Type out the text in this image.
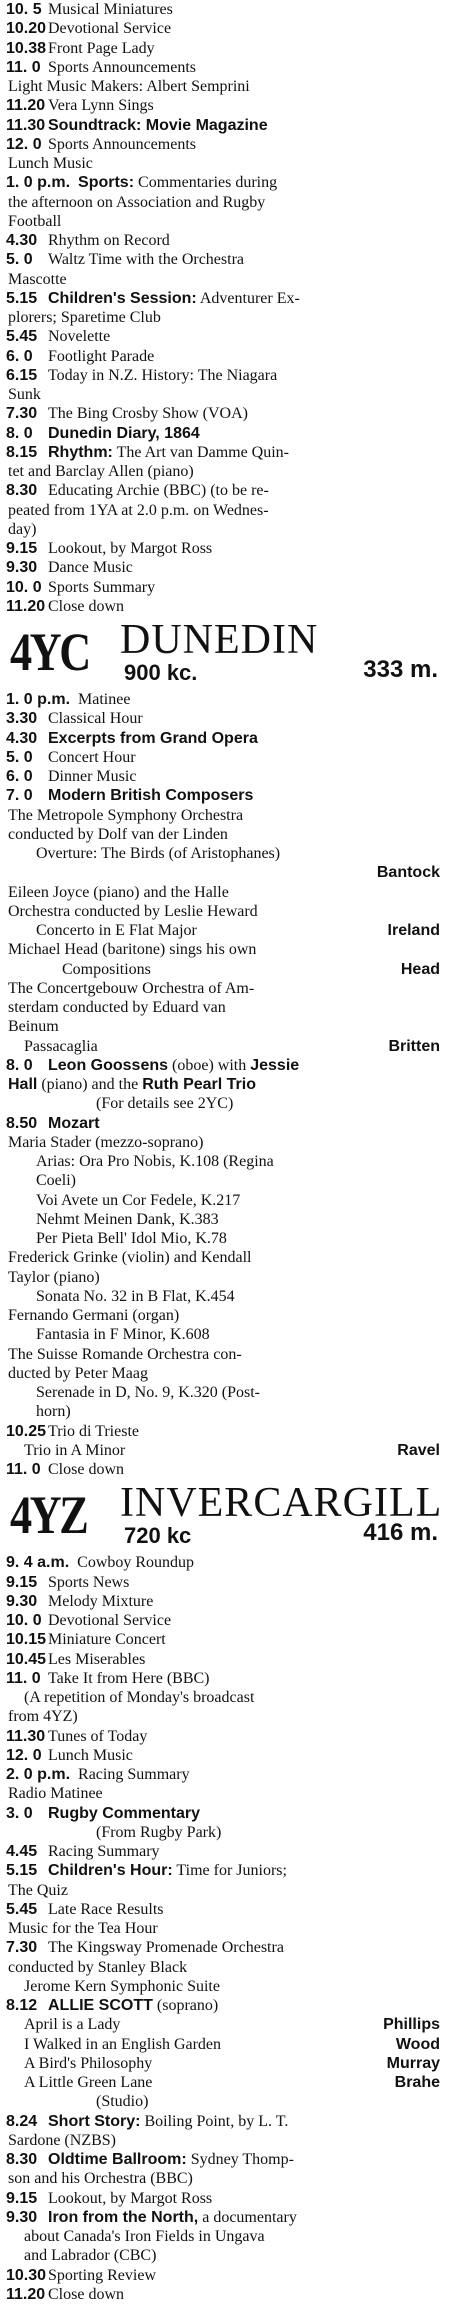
10. 5 Musical Miniatures
10.20 Devotional Service
10.38 Front Page Lady
11. 0 Sports Announcements
Light Music Makers: Albert Semprini
11.20 Vera Lynn Sings
11.30 Soundtrack: Movie Magazine
12. 0 Sports Announcements
Lunch Music
1. 0 p.m. Sports: Commentaries during
the afternoon on Association and Rugby
Football
4.30 Rhythm on Record
5. 0 Waltz Time with the Orchestra
Mascotte
5.15 Children's Session: Adventurer Ex-
plorers; Sparetime Club
5.45 Novelette
6. 0 Footlight Parade
6.15 Today in N.Z. History: The Niagara
Sunk
7.30 The Bing Crosby Show (VOA)
8. 0 Dunedin Diary, 1864
8.15 Rhythm: The Art van Damme Quin-
tet and Barclay Allen (piano)
8.30 Educating Archie (BBC) (to be re-
peated from 1YA at 2.0 p.m. on Wednes-
day)
9.15 Lookout, by Margot Ross
9.30 Dance Music
10. 0 Sports Summary
11.20 Close down
4YC DUNEDIN
900 kc.	333 m.
1. 0 p.m. Matinee
3.30 Classical Hour
4.30 Excerpts from Grand Opera
5. 0 Concert Hour
6. 0 Dinner Music
7. 0 Modern British Composers
The Metropole Symphony Orchestra
conducted by Dolf van der Linden
Overture: The Birds (of Aristophanes)
Bantock
Eileen Joyce (piano) and the Halle
Orchestra conducted by Leslie Heward
Concerto in E Flat Major	Ireland
Michael Head (baritone) sings his own
Compositions	Head
The Concertgebouw Orchestra of Am-
sterdam conducted by Eduard van
Beinum
Passacaglia	Britten
8. 0 Leon Goossens (oboe) with Jessie
Hall (piano) and the Ruth Pearl Trio
(For details see 2YC)
8.50 Mozart
Maria Stader (mezzo-soprano)
Arias: Ora Pro Nobis, K.108 (Regina
Coeli)
Voi Avete un Cor Fedele, K.217
Nehmt Meinen Dank, K.383
Per Pieta Bell' Idol Mio, K.78
Frederick Grinke (violin) and Kendall
Taylor (piano)
Sonata No. 32 in B Flat, K.454
Fernando Germani (organ)
Fantasia in F Minor, K.608
The Suisse Romande Orchestra con-
ducted by Peter Maag
Serenade in D, No. 9, K.320 (Post-
horn)
10.25 Trio di Trieste
Trio in A Minor	Ravel
11. 0 Close down
4YZ INVERCARGILL
720 kc	416 m.
9. 4 a.m. Cowboy Roundup
9.15 Sports News
9.30 Melody Mixture
10. 0 Devotional Service
10.15 Miniature Concert
10.45 Les Miserables
11. 0 Take It from Here (BBC)
(A repetition of Monday's broadcast
from 4YZ)
11.30 Tunes of Today
12. 0 Lunch Music
2. 0 p.m. Racing Summary
Radio Matinee
3. 0 Rugby Commentary
(From Rugby Park)
4.45 Racing Summary
5.15 Children's Hour: Time for Juniors;
The Quiz
5.45 Late Race Results
Music for the Tea Hour
7.30 The Kingsway Promenade Orchestra
conducted by Stanley Black
Jerome Kern Symphonic Suite
8.12 ALLIE SCOTT (soprano)
April is a Lady	Phillips
I Walked in an English Garden	Wood
A Bird's Philosophy	Murray
A Little Green Lane	Brahe
(Studio)
8.24 Short Story: Boiling Point, by L. T.
Sardone (NZBS)
8.30 Oldtime Ballroom: Sydney Thomp-
son and his Orchestra (BBC)
9.15 Lookout, by Margot Ross
9.30 Iron from the North, a documentary
about Canada's Iron Fields in Ungava
and Labrador (CBC)
10.30 Sporting Review
11.20 Close down
